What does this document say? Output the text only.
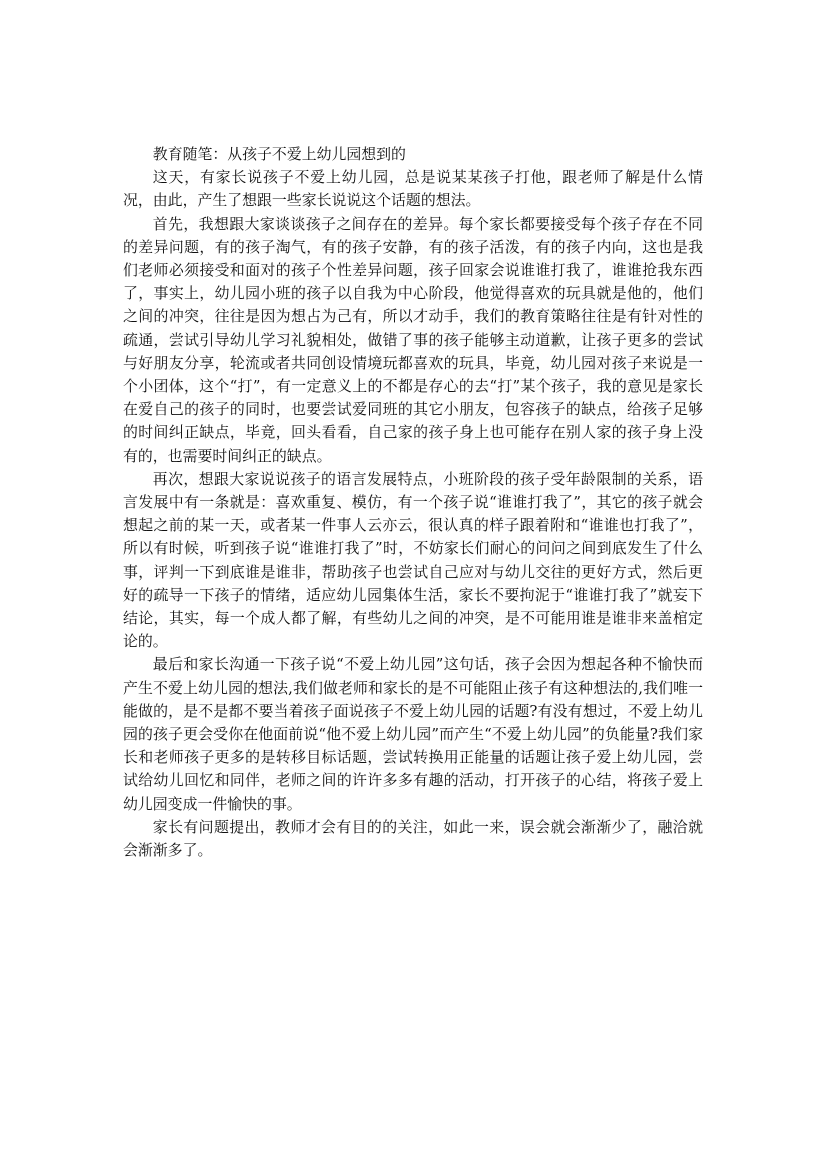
教育随笔：从孩子不爱上幼儿园想到的

这天，有家长说孩子不爱上幼儿园，总是说某某孩子打他，跟老师了解是什么情况，由此，产生了想跟一些家长说说这个话题的想法。

首先，我想跟大家谈谈孩子之间存在的差异。每个家长都要接受每个孩子存在不同的差异问题，有的孩子淘气，有的孩子安静，有的孩子活泼，有的孩子内向，这也是我们老师必须接受和面对的孩子个性差异问题，孩子回家会说谁谁打我了，谁谁抢我东西了，事实上，幼儿园小班的孩子以自我为中心阶段，他觉得喜欢的玩具就是他的，他们之间的冲突，往往是因为想占为己有，所以才动手，我们的教育策略往往是有针对性的疏通，尝试引导幼儿学习礼貌相处，做错了事的孩子能够主动道歉，让孩子更多的尝试与好朋友分享，轮流或者共同创设情境玩都喜欢的玩具，毕竟，幼儿园对孩子来说是一个小团体，这个“打”，有一定意义上的不都是存心的去“打”某个孩子，我的意见是家长在爱自己的孩子的同时，也要尝试爱同班的其它小朋友，包容孩子的缺点，给孩子足够的时间纠正缺点，毕竟，回头看看，自己家的孩子身上也可能存在别人家的孩子身上没有的，也需要时间纠正的缺点。

再次，想跟大家说说孩子的语言发展特点，小班阶段的孩子受年龄限制的关系，语言发展中有一条就是：喜欢重复、模仿，有一个孩子说“谁谁打我了”，其它的孩子就会想起之前的某一天，或者某一件事人云亦云，很认真的样子跟着附和“谁谁也打我了”，所以有时候，听到孩子说“谁谁打我了”时，不妨家长们耐心的问问之间到底发生了什么事，评判一下到底谁是谁非，帮助孩子也尝试自己应对与幼儿交往的更好方式，然后更好的疏导一下孩子的情绪，适应幼儿园集体生活，家长不要拘泥于“谁谁打我了”就妄下结论，其实，每一个成人都了解，有些幼儿之间的冲突，是不可能用谁是谁非来盖棺定论的。

最后和家长沟通一下孩子说“不爱上幼儿园”这句话，孩子会因为想起各种不愉快而产生不爱上幼儿园的想法,我们做老师和家长的是不可能阻止孩子有这种想法的,我们唯一能做的，是不是都不要当着孩子面说孩子不爱上幼儿园的话题?有没有想过，不爱上幼儿园的孩子更会受你在他面前说“他不爱上幼儿园”而产生“不爱上幼儿园”的负能量?我们家长和老师孩子更多的是转移目标话题，尝试转换用正能量的话题让孩子爱上幼儿园，尝试给幼儿回忆和同伴，老师之间的许许多多有趣的活动，打开孩子的心结，将孩子爱上幼儿园变成一件愉快的事。

家长有问题提出，教师才会有目的的关注，如此一来，误会就会渐渐少了，融洽就会渐渐多了。
